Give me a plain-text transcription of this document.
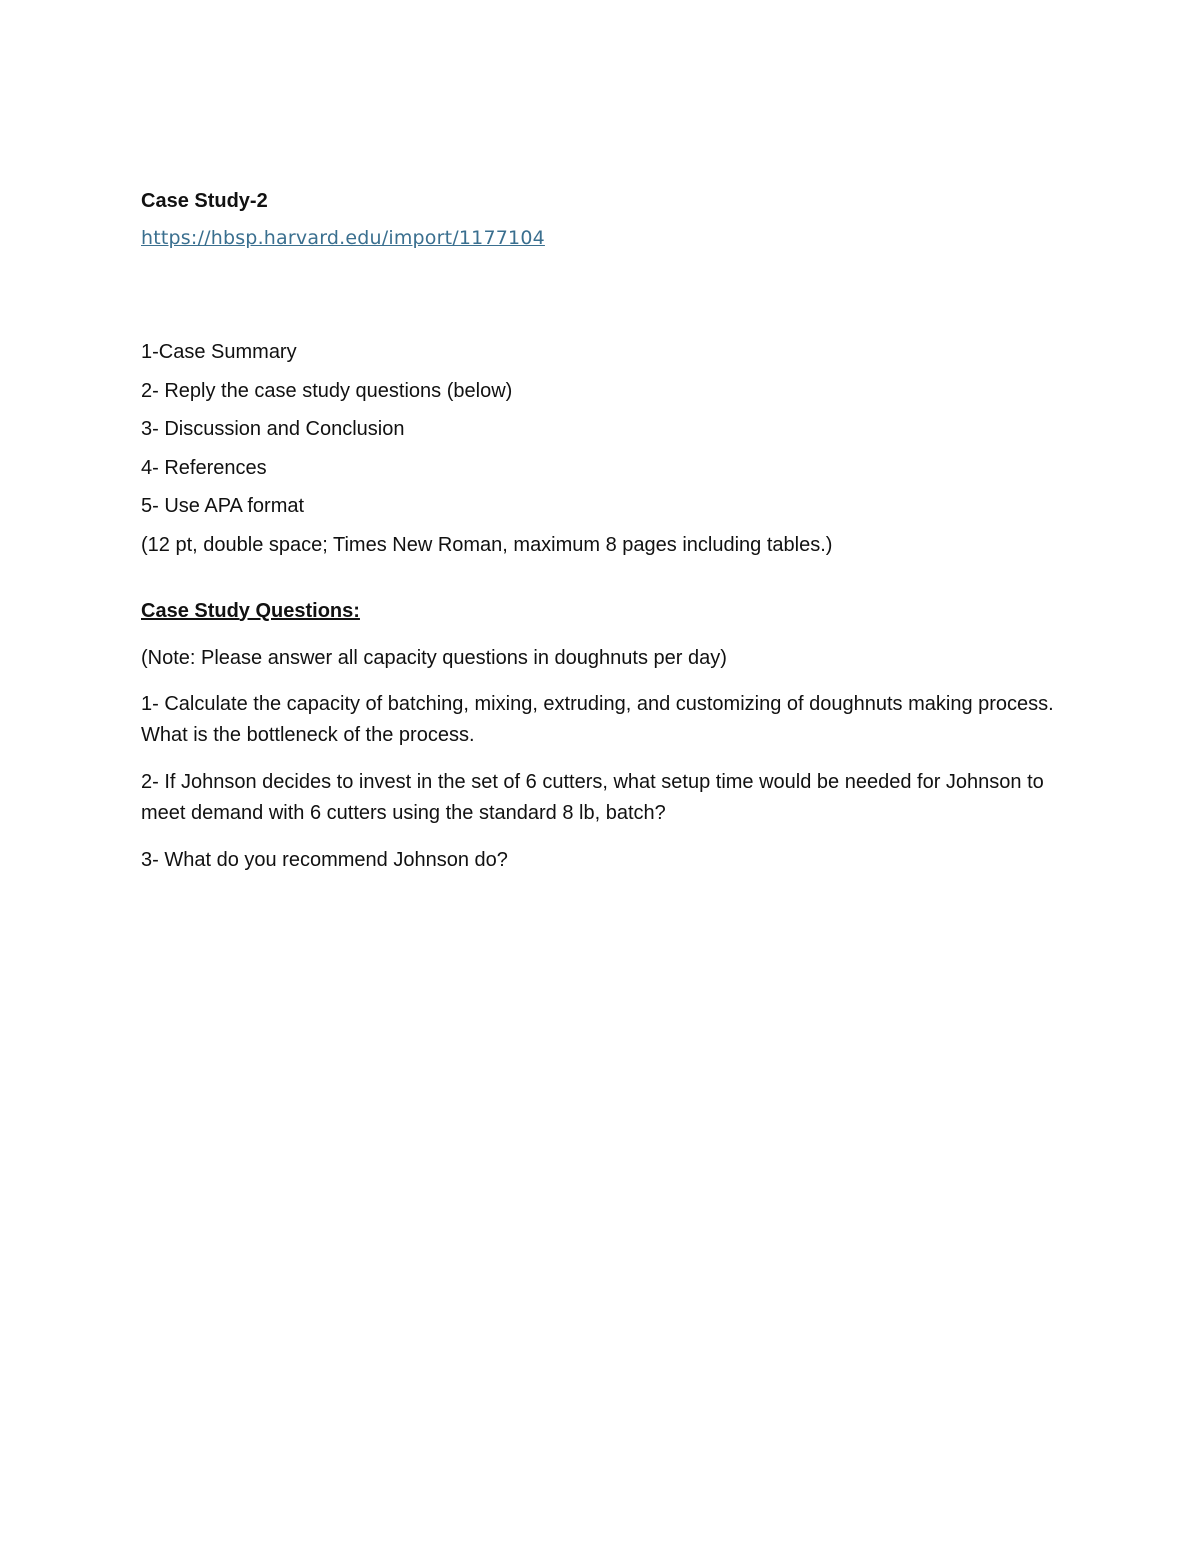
Case Study-2
https://hbsp.harvard.edu/import/1177104
1-Case Summary
2- Reply the case study questions (below)
3- Discussion and Conclusion
4- References
5- Use APA format
(12 pt, double space; Times New Roman, maximum 8 pages including tables.)
Case Study Questions:
(Note: Please answer all capacity questions in doughnuts per day)
1- Calculate the capacity of batching, mixing, extruding, and customizing of doughnuts making process. What is the bottleneck of the process.
2- If Johnson decides to invest in the set of 6 cutters, what setup time would be needed for Johnson to meet demand with 6 cutters using the standard 8 lb, batch?
3- What do you recommend Johnson do?
